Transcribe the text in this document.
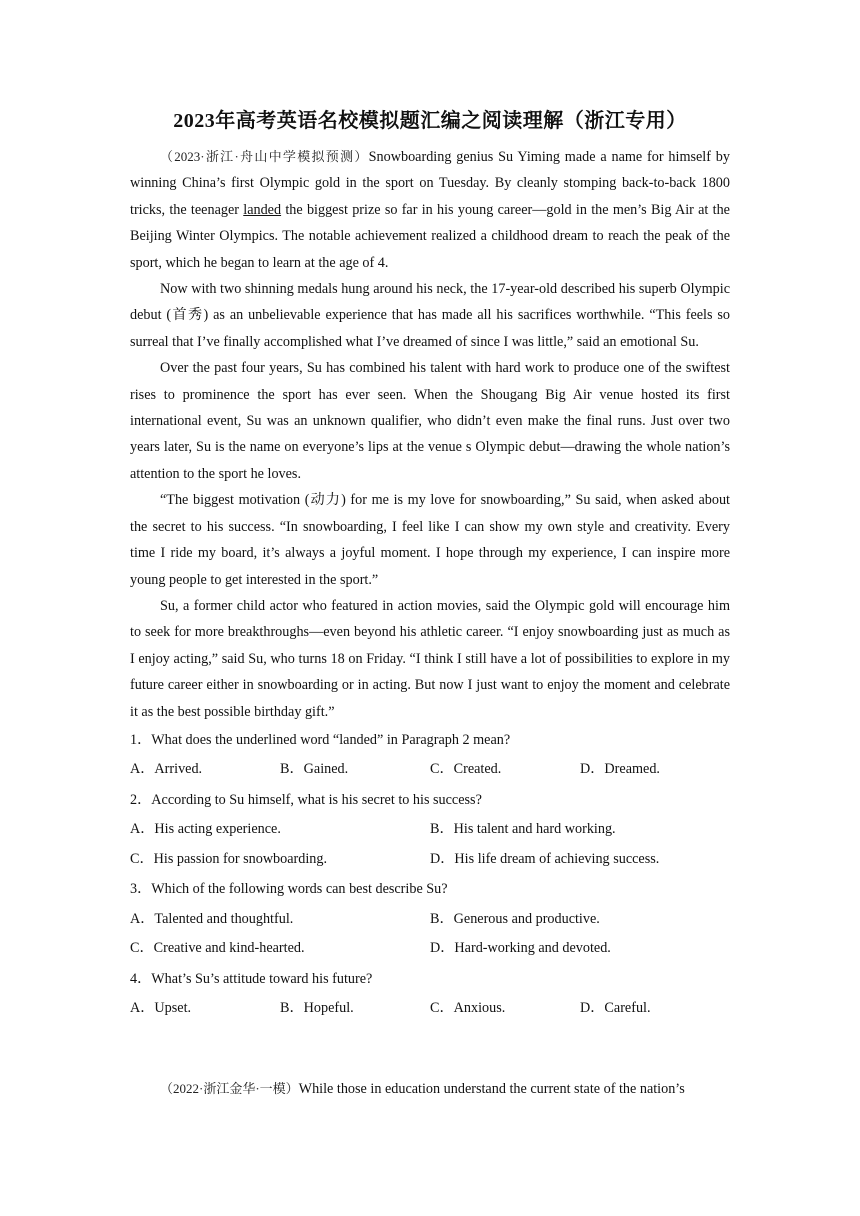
2023年高考英语名校模拟题汇编之阅读理解（浙江专用）

（2023·浙江·舟山中学模拟预测）Snowboarding genius Su Yiming made a name for himself by winning China’s first Olympic gold in the sport on Tuesday. By cleanly stomping back-to-back 1800 tricks, the teenager landed the biggest prize so far in his young career—gold in the men’s Big Air at the Beijing Winter Olympics. The notable achievement realized a childhood dream to reach the peak of the sport, which he began to learn at the age of 4.

Now with two shinning medals hung around his neck, the 17-year-old described his superb Olympic debut (首秀) as an unbelievable experience that has made all his sacrifices worthwhile. “This feels so surreal that I’ve finally accomplished what I’ve dreamed of since I was little,” said an emotional Su.

Over the past four years, Su has combined his talent with hard work to produce one of the swiftest rises to prominence the sport has ever seen. When the Shougang Big Air venue hosted its first international event, Su was an unknown qualifier, who didn’t even make the final runs. Just over two years later, Su is the name on everyone’s lips at the venue s Olympic debut—drawing the whole nation’s attention to the sport he loves.

“The biggest motivation (动力) for me is my love for snowboarding,” Su said, when asked about the secret to his success. “In snowboarding, I feel like I can show my own style and creativity. Every time I ride my board, it’s always a joyful moment. I hope through my experience, I can inspire more young people to get interested in the sport.”

Su, a former child actor who featured in action movies, said the Olympic gold will encourage him to seek for more breakthroughs—even beyond his athletic career. “I enjoy snowboarding just as much as I enjoy acting,” said Su, who turns 18 on Friday. “I think I still have a lot of possibilities to explore in my future career either in snowboarding or in acting. But now I just want to enjoy the moment and celebrate it as the best possible birthday gift.”

1．What does the underlined word “landed” in Paragraph 2 mean?
A．Arrived.	B．Gained.	C．Created.	D．Dreamed.
2．According to Su himself, what is his secret to his success?
A．His acting experience.	B．His talent and hard working.
C．His passion for snowboarding.	D．His life dream of achieving success.
3．Which of the following words can best describe Su?
A．Talented and thoughtful.	B．Generous and productive.
C．Creative and kind-hearted.	D．Hard-working and devoted.
4．What’s Su’s attitude toward his future?
A．Upset.	B．Hopeful.	C．Anxious.	D．Careful.
（2022·浙江金华·一模）While those in education understand the current state of the nation’s
